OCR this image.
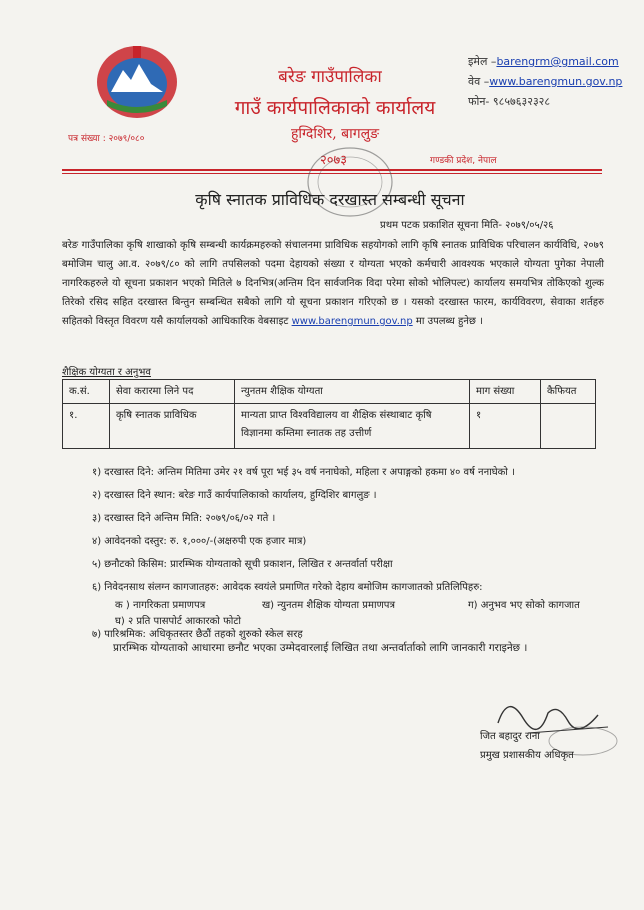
बरेङ गाउँपालिका
गाउँ कार्यपालिकाको कार्यालय
हुग्दिशिर, बागलुङ
इमेल –barengrm@gmail.com
वेव –www.barengmun.gov.np
फोन- ९८५७६३२३२८
पत्र संख्या : २०७९/०८०
२०७३	गण्डकी प्रदेश, नेपाल
कृषि स्नातक प्राविधिक दरखास्त सम्बन्धी सूचना
प्रथम पटक प्रकाशित सूचना मिति- २०७९/०५/२६
बरेङ गाउँपालिका कृषि शाखाको कृषि सम्बन्धी कार्यक्रमहरुको संचालनमा प्राविधिक सहयोगको लागि कृषि स्नातक प्राविधिक परिचालन कार्यविधि, २०७९ बमोजिम चालु आ.व. २०७९/८० को लागि तपसिलको पदमा देहायको संख्या र योग्यता भएको कर्मचारी आवश्यक भएकाले योग्यता पुगेका नेपाली नागरिकहरुले यो सूचना प्रकाशन भएको मितिले ७ दिनभित्र(अन्तिम दिन सार्वजनिक विदा परेमा सोको भोलिपल्ट) कार्यालय समयभित्र तोकिएको शुल्क तिरेको रसिद सहित दरखास्त बिन्तुन सम्बन्धित सबैको लागि यो सूचना प्रकाशन गरिएको छ । यसको दरखास्त फारम, कार्यविवरण, सेवाका शर्तहरु सहितको विस्तृत विवरण यसै कार्यालयको आधिकारिक वेबसाइट www.barengmun.gov.np मा उपलब्ध हुनेछ ।
शैक्षिक योग्यता र अनुभव
क.सं.	सेवा करारमा लिने पद	न्युनतम शैक्षिक योग्यता	माग संख्या	कैफियत
१.	कृषि स्नातक प्राविधिक	मान्यता प्राप्त विश्वविद्यालय वा शैक्षिक संस्थाबाट कृषि विज्ञानमा कम्तिमा स्नातक तह उत्तीर्ण	१	
१) दरखास्त दिने: अन्तिम मितिमा उमेर २१ वर्ष पूरा भई ३५ वर्ष ननाघेको, महिला र अपाङ्गको हकमा ४० वर्ष ननाघेको ।
२) दरखास्त दिने स्थान: बरेङ गाउँ कार्यपालिकाको कार्यालय, हुग्दिशिर बागलुङ ।
३) दरखास्त दिने अन्तिम मिति: २०७९/०६/०२ गते ।
४) आवेदनको दस्तुर: रु. १,०००/-(अक्षरुपी एक हजार मात्र)
५) छनौटको किसिम: प्रारम्भिक योग्यताको सूची प्रकाशन, लिखित र अन्तर्वार्ता परीक्षा
६) निवेदनसाथ संलग्न कागजातहरु: आवेदक स्वयंले प्रमाणित गरेको देहाय बमोजिम कागजातको प्रतिलिपिहरु:
क ) नागरिकता प्रमाणपत्र	ख) न्युनतम शैक्षिक योग्यता प्रमाणपत्र	ग) अनुभव भए सोको कागजात
घ) २ प्रति पासपोर्ट आकारको फोटो
७) पारिश्रमिक: अधिकृतस्तर छैठौं तहको शुरुको स्केल सरह
प्रारम्भिक योग्यताको आधारमा छनौट भएका उम्मेदवारलाई लिखित तथा अन्तर्वार्ताको लागि जानकारी गराइनेछ ।
जित बहादुर राना
प्रमुख प्रशासकीय अधिकृत
